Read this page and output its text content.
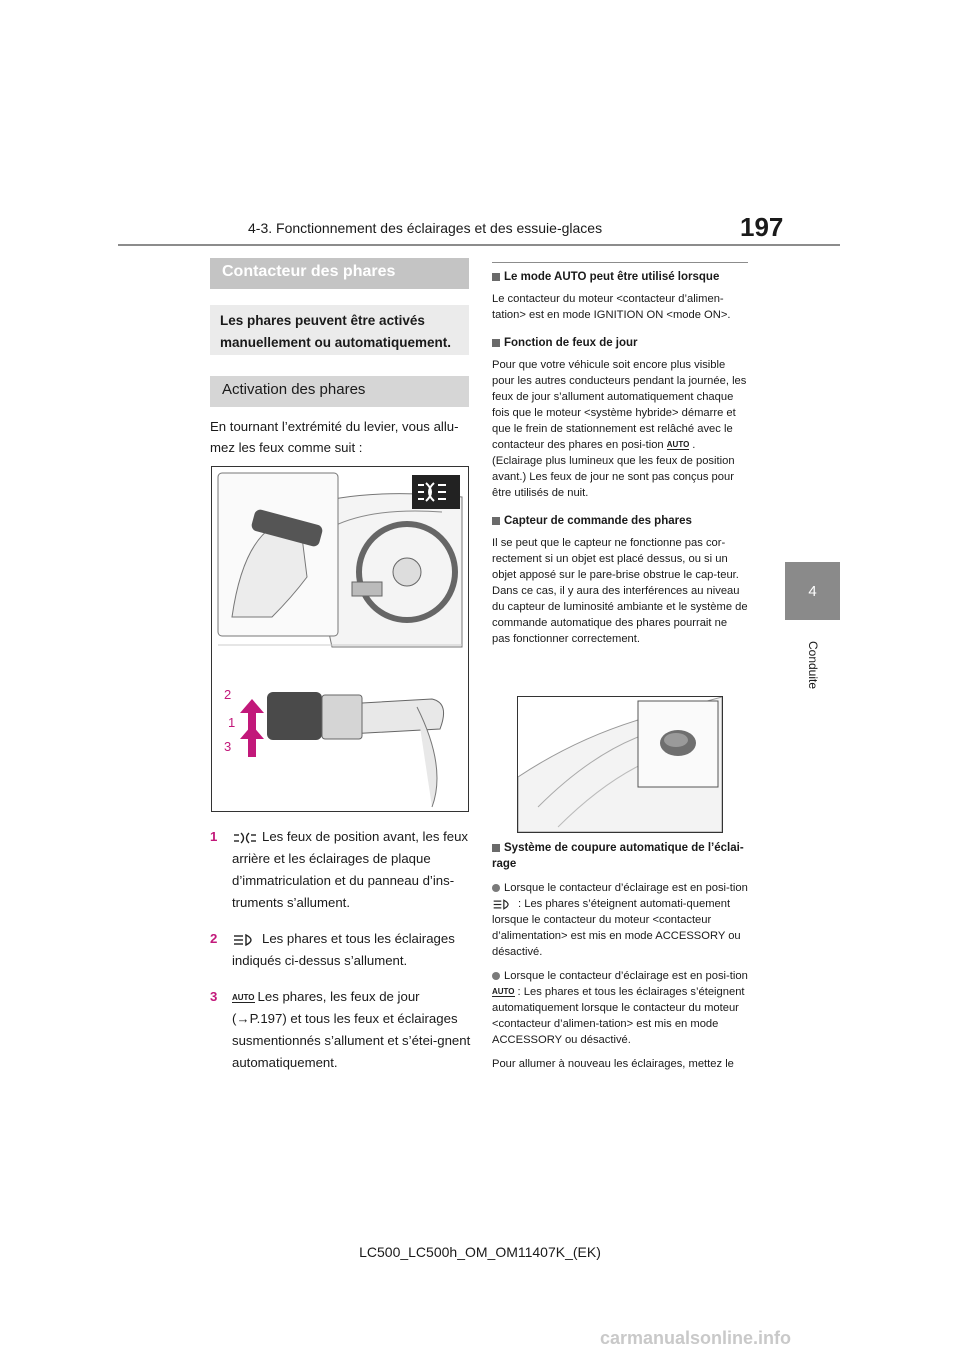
4-3. Fonctionnement des éclairages et des essuie-glaces	197
4
Conduite
Contacteur des phares
Les phares peuvent être activés manuellement ou automatiquement.
Activation des phares
En tournant l’extrémité du levier, vous allu-mez les feux comme suit :
2
1
3
1	Les feux de position avant, les feux arrière et les éclairages de plaque d’immatriculation et du panneau d’ins-truments s’allument.
2	Les phares et tous les éclairages indiqués ci-dessus s’allument.
3 AUTO Les phares, les feux de jour (→P.197) et tous les feux et éclairages susmentionnés s’allument et s’étei-gnent automatiquement.
Le mode AUTO peut être utilisé lorsque
Le contacteur du moteur <contacteur d’alimen-tation> est en mode IGNITION ON <mode ON>.
Fonction de feux de jour
Pour que votre véhicule soit encore plus visible pour les autres conducteurs pendant la journée, les feux de jour s’allument automatiquement chaque fois que le moteur <système hybride> démarre et que le frein de stationnement est relâché avec le contacteur des phares en posi-tion AUTO . (Eclairage plus lumineux que les feux de position avant.) Les feux de jour ne sont pas conçus pour être utilisés de nuit.
Capteur de commande des phares
Il se peut que le capteur ne fonctionne pas cor-rectement si un objet est placé dessus, ou si un objet apposé sur le pare-brise obstrue le cap-teur.
Dans ce cas, il y aura des interférences au niveau du capteur de luminosité ambiante et le système de commande automatique des phares pourrait ne pas fonctionner correctement.
Système de coupure automatique de l’éclai-rage
Lorsque le contacteur d’éclairage est en posi-tion : Les phares s’éteignent automati-quement lorsque le contacteur du moteur <contacteur d’alimentation> est mis en mode ACCESSORY ou désactivé.
Lorsque le contacteur d’éclairage est en posi-tion AUTO : Les phares et tous les éclairages s’éteignent automatiquement lorsque le contacteur du moteur <contacteur d’alimen-tation> est mis en mode ACCESSORY ou désactivé.
Pour allumer à nouveau les éclairages, mettez le
LC500_LC500h_OM_OM11407K_(EK)
carmanualsonline.info
